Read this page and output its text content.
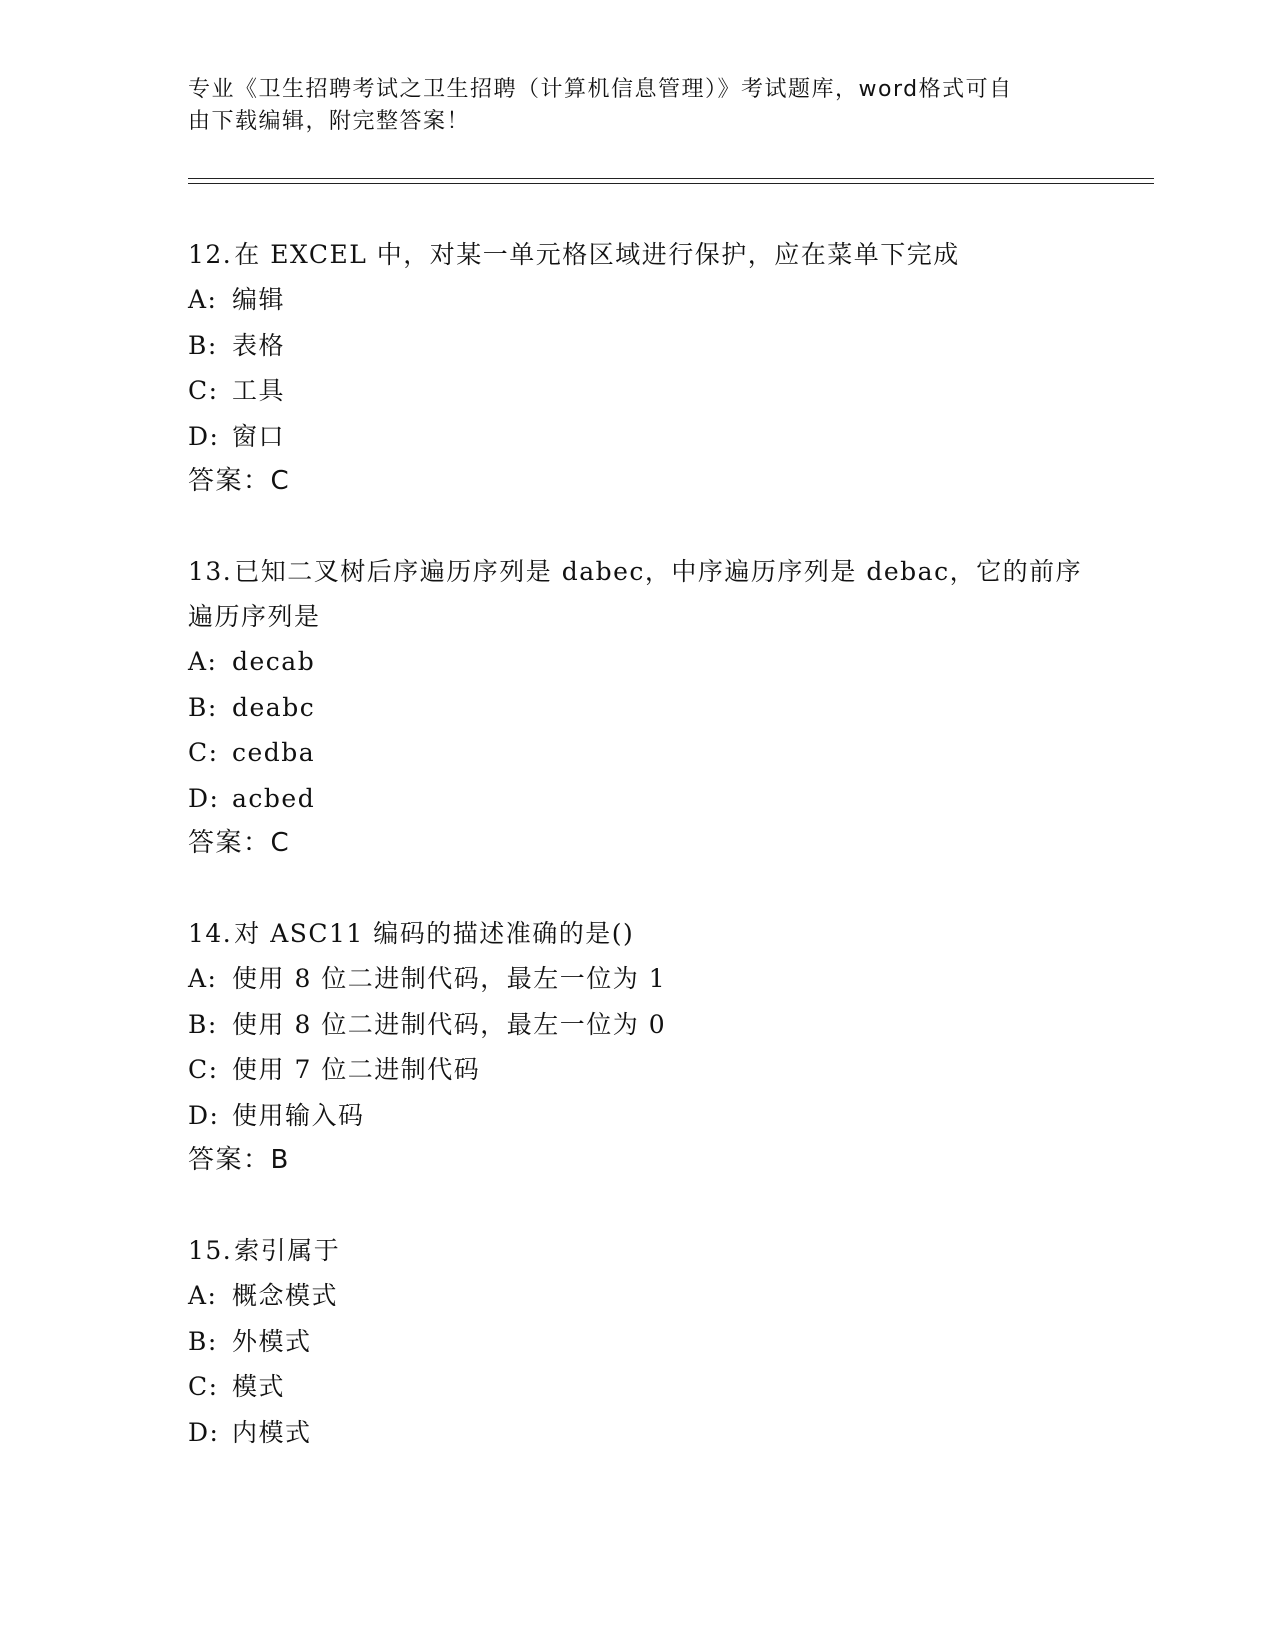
专业《卫生招聘考试之卫生招聘（计算机信息管理）》考试题库，word格式可自

由下载编辑，附完整答案！

12.在 EXCEL 中，对某一单元格区域进行保护，应在菜单下完成

A: 编辑

B: 表格

C: 工具

D: 窗口

答案：C

13.已知二叉树后序遍历序列是 dabec，中序遍历序列是 debac，它的前序遍历序列是

A: decab

B: deabc

C: cedba

D: acbed

答案：C

14.对 ASC11 编码的描述准确的是()

A: 使用 8 位二进制代码，最左一位为 1

B: 使用 8 位二进制代码，最左一位为 0

C: 使用 7 位二进制代码

D: 使用输入码

答案：B

15.索引属于

A: 概念模式

B: 外模式

C: 模式

D: 内模式
